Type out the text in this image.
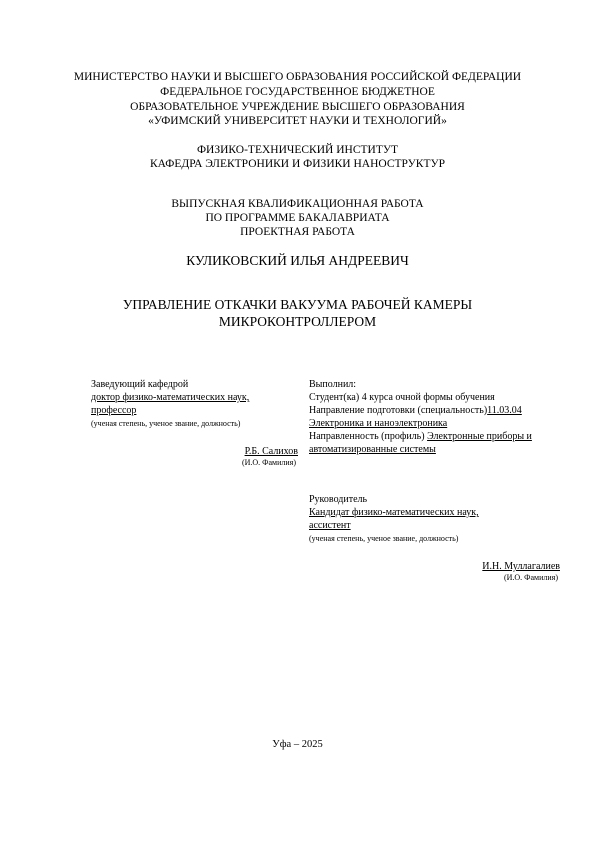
МИНИСТЕРСТВО НАУКИ И ВЫСШЕГО ОБРАЗОВАНИЯ РОССИЙСКОЙ ФЕДЕРАЦИИ
ФЕДЕРАЛЬНОЕ ГОСУДАРСТВЕННОЕ БЮДЖЕТНОЕ
ОБРАЗОВАТЕЛЬНОЕ УЧРЕЖДЕНИЕ ВЫСШЕГО ОБРАЗОВАНИЯ
«УФИМСКИЙ УНИВЕРСИТЕТ НАУКИ И ТЕХНОЛОГИЙ»
ФИЗИКО-ТЕХНИЧЕСКИЙ ИНСТИТУТ
КАФЕДРА ЭЛЕКТРОНИКИ И ФИЗИКИ НАНОСТРУКТУР
ВЫПУСКНАЯ КВАЛИФИКАЦИОННАЯ РАБОТА
ПО ПРОГРАММЕ БАКАЛАВРИАТА
ПРОЕКТНАЯ РАБОТА
КУЛИКОВСКИЙ ИЛЬЯ АНДРЕЕВИЧ
УПРАВЛЕНИЕ ОТКАЧКИ ВАКУУМА РАБОЧЕЙ КАМЕРЫ
МИКРОКОНТРОЛЛЕРОМ
Заведующий кафедрой
доктор физико-математических наук,
профессор
(ученая степень, ученое звание, должность)
Р.Б. Салихов
(И.О. Фамилия)
Выполнил:
Студент(ка) 4 курса очной формы обучения
Направление подготовки (специальность)11.03.04
Электроника и наноэлектроника
Направленность (профиль) Электронные приборы и
автоматизированные системы
Руководитель
Кандидат физико-математических наук,
ассистент
(ученая степень, ученое звание, должность)
И.Н. Муллагалиев
(И.О. Фамилия)
Уфа – 2025
